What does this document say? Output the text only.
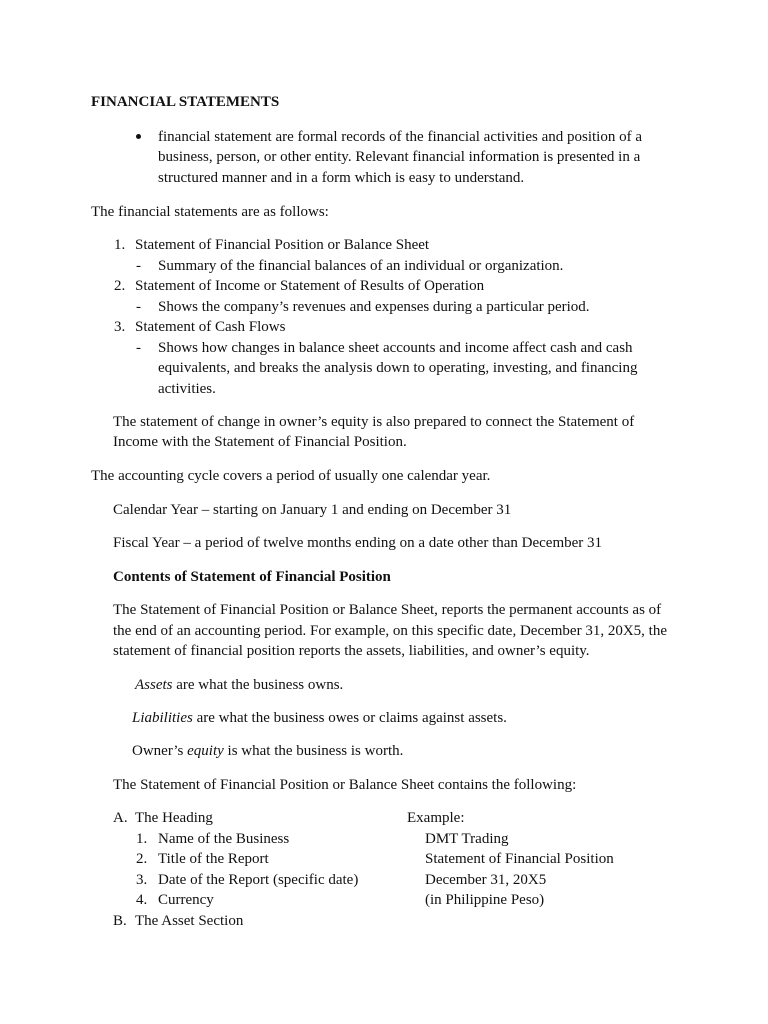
FINANCIAL STATEMENTS
financial statement are formal records of the financial activities and position of a
business, person, or other entity. Relevant financial information is presented in a
structured manner and in a form which is easy to understand.
The financial statements are as follows:
1. Statement of Financial Position or Balance Sheet
- Summary of the financial balances of an individual or organization.
2. Statement of Income or Statement of Results of Operation
- Shows the company’s revenues and expenses during a particular period.
3. Statement of Cash Flows
- Shows how changes in balance sheet accounts and income affect cash and cash
equivalents, and breaks the analysis down to operating, investing, and financing
activities.
The statement of change in owner’s equity is also prepared to connect the Statement of
Income with the Statement of Financial Position.
The accounting cycle covers a period of usually one calendar year.
Calendar Year – starting on January 1 and ending on December 31
Fiscal Year – a period of twelve months ending on a date other than December 31
Contents of Statement of Financial Position
The Statement of Financial Position or Balance Sheet, reports the permanent accounts as of
the end of an accounting period. For example, on this specific date, December 31, 20X5, the
statement of financial position reports the assets, liabilities, and owner’s equity.
Assets are what the business owns.
Liabilities are what the business owes or claims against assets.
Owner’s equity is what the business is worth.
The Statement of Financial Position or Balance Sheet contains the following:
A. The Heading	Example:
1. Name of the Business	DMT Trading
2. Title of the Report	Statement of Financial Position
3. Date of the Report (specific date)	December 31, 20X5
4. Currency	(in Philippine Peso)
B. The Asset Section
